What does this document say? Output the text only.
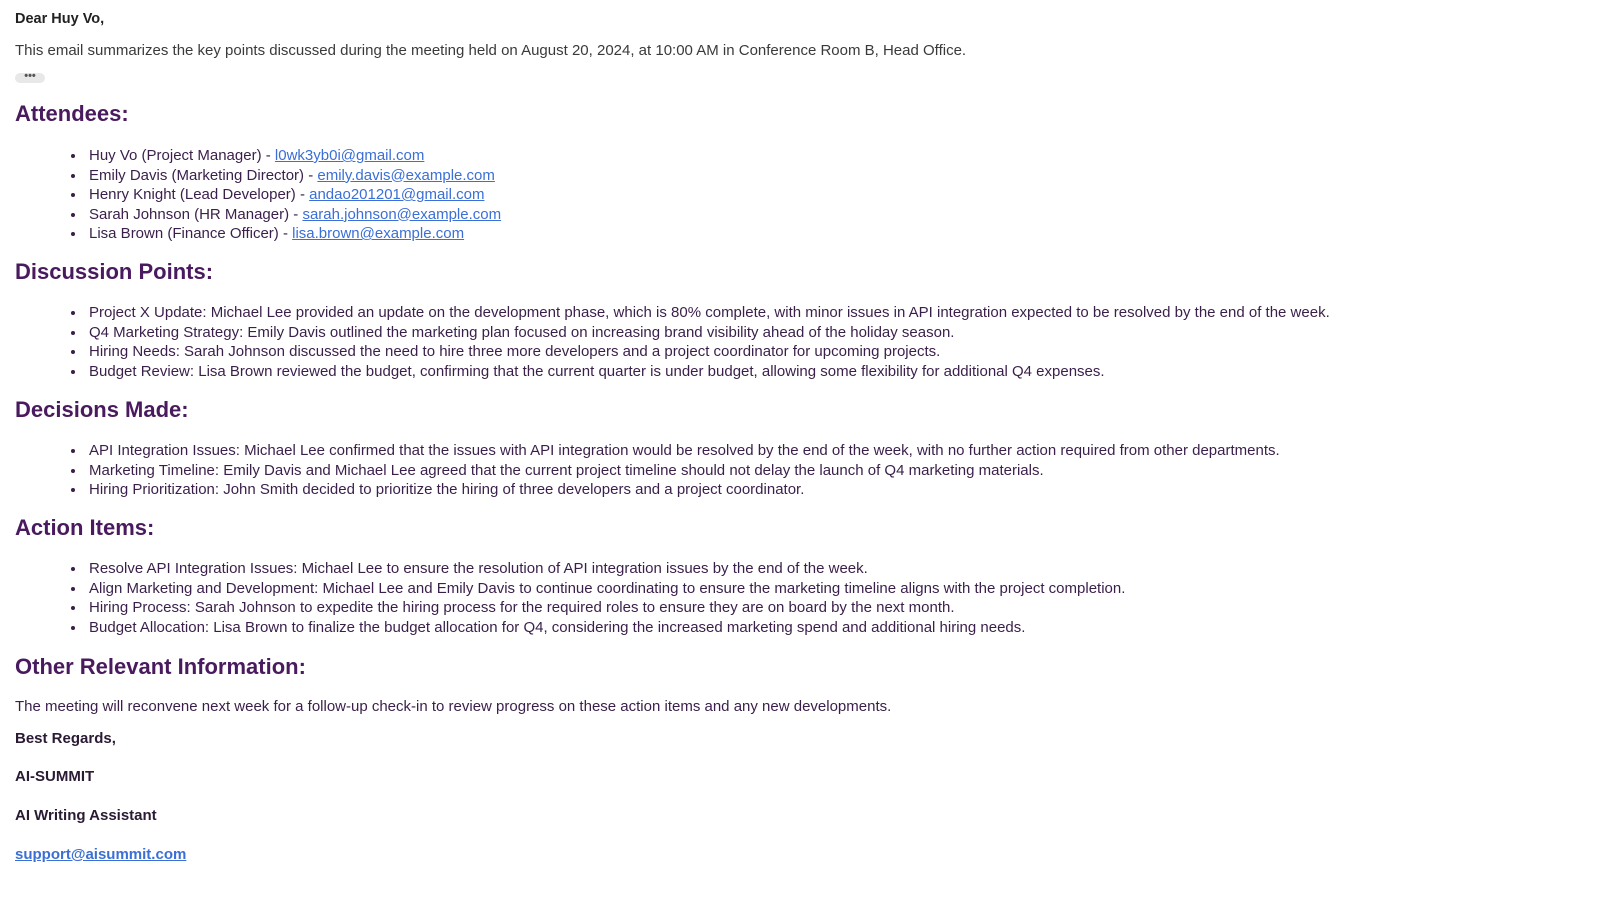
Dear Huy Vo,

This email summarizes the key points discussed during the meeting held on August 20, 2024, at 10:00 AM in Conference Room B, Head Office.

•••
Attendees:
Huy Vo (Project Manager) - l0wk3yb0i@gmail.com
Emily Davis (Marketing Director) - emily.davis@example.com
Henry Knight (Lead Developer) - andao201201@gmail.com
Sarah Johnson (HR Manager) - sarah.johnson@example.com
Lisa Brown (Finance Officer) - lisa.brown@example.com
Discussion Points:
Project X Update: Michael Lee provided an update on the development phase, which is 80% complete, with minor issues in API integration expected to be resolved by the end of the week.
Q4 Marketing Strategy: Emily Davis outlined the marketing plan focused on increasing brand visibility ahead of the holiday season.
Hiring Needs: Sarah Johnson discussed the need to hire three more developers and a project coordinator for upcoming projects.
Budget Review: Lisa Brown reviewed the budget, confirming that the current quarter is under budget, allowing some flexibility for additional Q4 expenses.
Decisions Made:
API Integration Issues: Michael Lee confirmed that the issues with API integration would be resolved by the end of the week, with no further action required from other departments.
Marketing Timeline: Emily Davis and Michael Lee agreed that the current project timeline should not delay the launch of Q4 marketing materials.
Hiring Prioritization: John Smith decided to prioritize the hiring of three developers and a project coordinator.
Action Items:
Resolve API Integration Issues: Michael Lee to ensure the resolution of API integration issues by the end of the week.
Align Marketing and Development: Michael Lee and Emily Davis to continue coordinating to ensure the marketing timeline aligns with the project completion.
Hiring Process: Sarah Johnson to expedite the hiring process for the required roles to ensure they are on board by the next month.
Budget Allocation: Lisa Brown to finalize the budget allocation for Q4, considering the increased marketing spend and additional hiring needs.
Other Relevant Information:

The meeting will reconvene next week for a follow-up check-in to review progress on these action items and any new developments.

Best Regards,

AI-SUMMIT

AI Writing Assistant

support@aisummit.com
